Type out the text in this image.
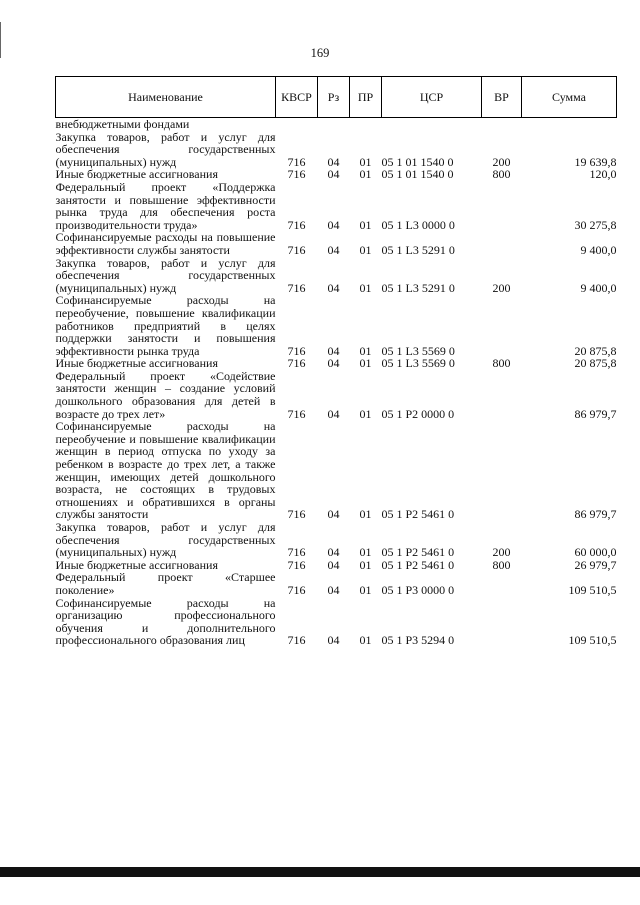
169
Наименование	КВСР	Рз	ПР	ЦСР	ВР	Сумма
внебюджетными фондами						
Закупка товаров, работ и услуг для обеспечения государственных (муниципальных) нужд	716	04	01	05 1 01 1540 0	200	19 639,8
Иные бюджетные ассигнования	716	04	01	05 1 01 1540 0	800	120,0
Федеральный проект «Поддержка занятости и повышение эффективности рынка труда для обеспечения роста производительности труда»	716	04	01	05 1 L3 0000 0		30 275,8
Софинансируемые расходы на повышение эффективности службы занятости	716	04	01	05 1 L3 5291 0		9 400,0
Закупка товаров, работ и услуг для обеспечения государственных (муниципальных) нужд	716	04	01	05 1 L3 5291 0	200	9 400,0
Софинансируемые расходы на переобучение, повышение квалификации работников предприятий в целях поддержки занятости и повышения эффективности рынка труда	716	04	01	05 1 L3 5569 0		20 875,8
Иные бюджетные ассигнования	716	04	01	05 1 L3 5569 0	800	20 875,8
Федеральный проект «Содействие занятости женщин – создание условий дошкольного образования для детей в возрасте до трех лет»	716	04	01	05 1 P2 0000 0		86 979,7
Софинансируемые расходы на переобучение и повышение квалификации женщин в период отпуска по уходу за ребенком в возрасте до трех лет, а также женщин, имеющих детей дошкольного возраста, не состоящих в трудовых отношениях и обратившихся в органы службы занятости	716	04	01	05 1 P2 5461 0		86 979,7
Закупка товаров, работ и услуг для обеспечения государственных (муниципальных) нужд	716	04	01	05 1 P2 5461 0	200	60 000,0
Иные бюджетные ассигнования	716	04	01	05 1 P2 5461 0	800	26 979,7
Федеральный проект «Старшее поколение»	716	04	01	05 1 P3 0000 0		109 510,5
Софинансируемые расходы на организацию профессионального обучения и дополнительного профессионального образования лиц	716	04	01	05 1 P3 5294 0		109 510,5
